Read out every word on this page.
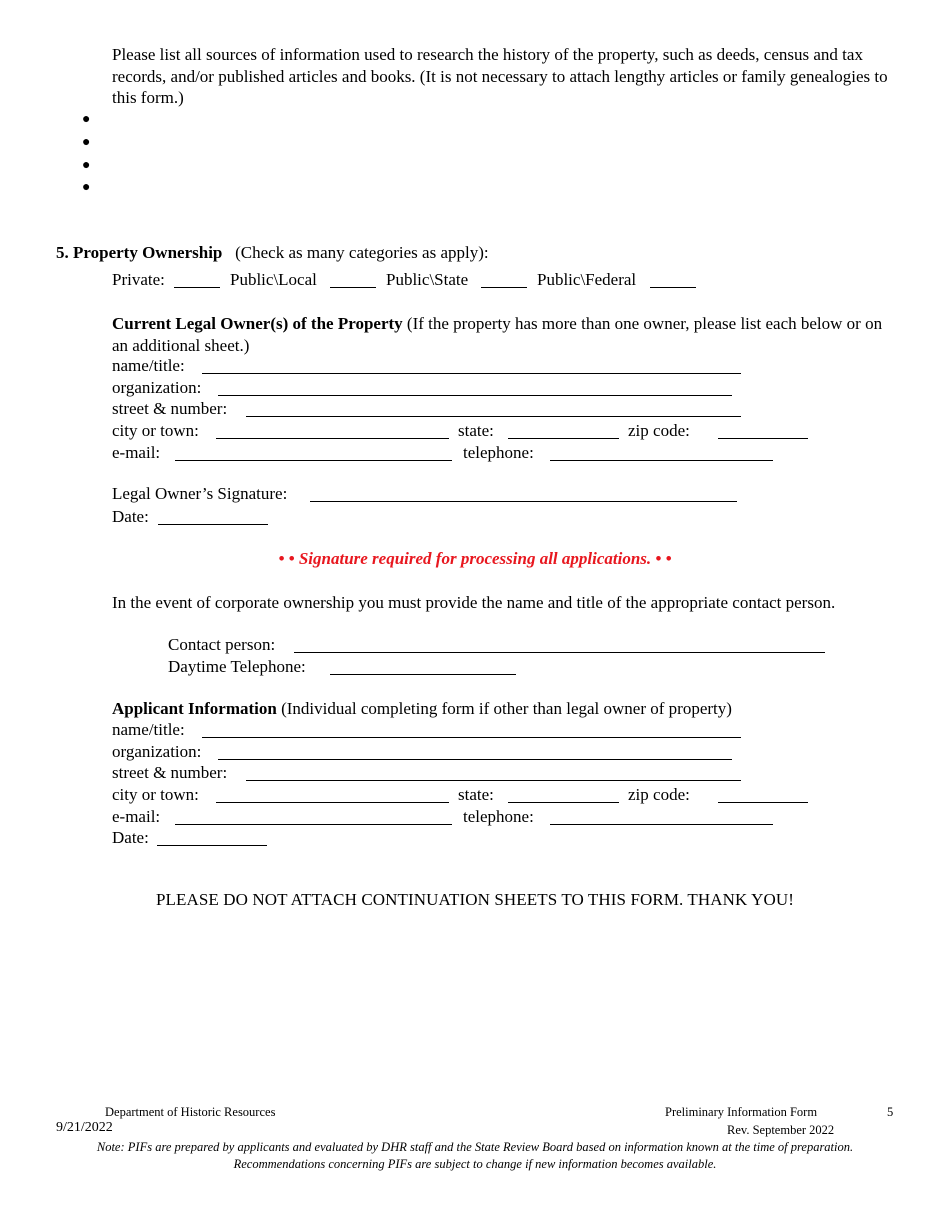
Please list all sources of information used to research the history of the property, such as deeds, census and tax records, and/or published articles and books. (It is not necessary to attach lengthy articles or family genealogies to this form.)
●
●
●
●
5. Property Ownership (Check as many categories as apply):
Private:	Public\Local	Public\State	Public\Federal
Current Legal Owner(s) of the Property (If the property has more than one owner, please list each below or on an additional sheet.)
name/title:
organization:
street & number:
city or town:	state:	zip code:
e-mail:	telephone:
Legal Owner’s Signature:
Date:
• • Signature required for processing all applications. • •
In the event of corporate ownership you must provide the name and title of the appropriate contact person.
Contact person:
Daytime Telephone:
Applicant Information (Individual completing form if other than legal owner of property)
name/title:
organization:
street & number:
city or town:	state:	zip code:
e-mail:	telephone:
Date:
PLEASE DO NOT ATTACH CONTINUATION SHEETS TO THIS FORM. THANK YOU!
Department of Historic Resources	Preliminary Information Form	5
9/21/2022	Rev. September 2022
Note: PIFs are prepared by applicants and evaluated by DHR staff and the State Review Board based on information known at the time of preparation.
Recommendations concerning PIFs are subject to change if new information becomes available.
